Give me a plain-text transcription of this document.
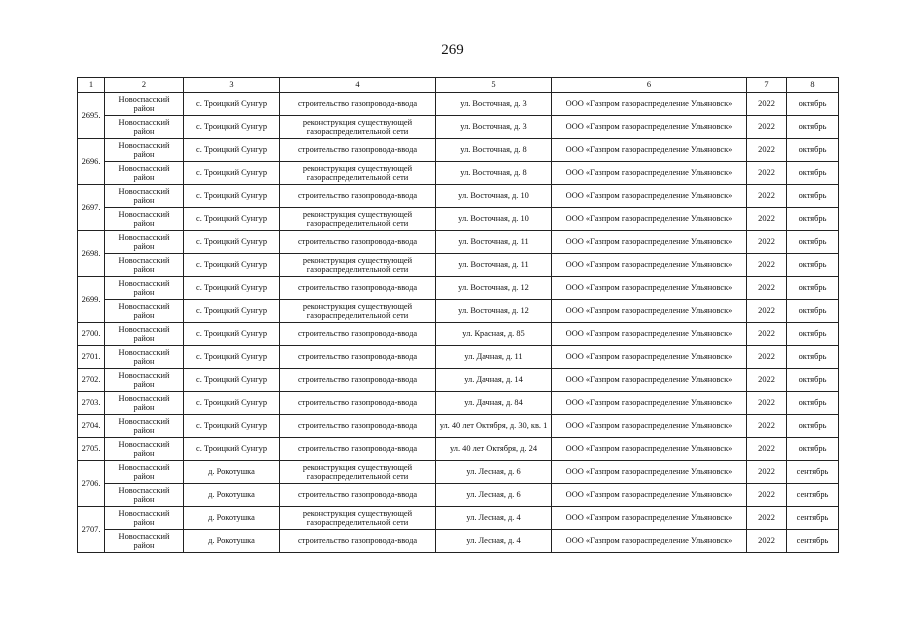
269
1	2	3	4	5	6	7	8
2695.	Новоспасский район	с. Троицкий Сунгур	строительство газопровода-ввода	ул. Восточная, д. 3	ООО «Газпром газораспределение Ульяновск»	2022	октябрь
	Новоспасский район	с. Троицкий Сунгур	реконструкция существующей газораспределительной сети	ул. Восточная, д. 3	ООО «Газпром газораспределение Ульяновск»	2022	октябрь
2696.	Новоспасский район	с. Троицкий Сунгур	строительство газопровода-ввода	ул. Восточная, д. 8	ООО «Газпром газораспределение Ульяновск»	2022	октябрь
	Новоспасский район	с. Троицкий Сунгур	реконструкция существующей газораспределительной сети	ул. Восточная, д. 8	ООО «Газпром газораспределение Ульяновск»	2022	октябрь
2697.	Новоспасский район	с. Троицкий Сунгур	строительство газопровода-ввода	ул. Восточная, д. 10	ООО «Газпром газораспределение Ульяновск»	2022	октябрь
	Новоспасский район	с. Троицкий Сунгур	реконструкция существующей газораспределительной сети	ул. Восточная, д. 10	ООО «Газпром газораспределение Ульяновск»	2022	октябрь
2698.	Новоспасский район	с. Троицкий Сунгур	строительство газопровода-ввода	ул. Восточная, д. 11	ООО «Газпром газораспределение Ульяновск»	2022	октябрь
	Новоспасский район	с. Троицкий Сунгур	реконструкция существующей газораспределительной сети	ул. Восточная, д. 11	ООО «Газпром газораспределение Ульяновск»	2022	октябрь
2699.	Новоспасский район	с. Троицкий Сунгур	строительство газопровода-ввода	ул. Восточная, д. 12	ООО «Газпром газораспределение Ульяновск»	2022	октябрь
	Новоспасский район	с. Троицкий Сунгур	реконструкция существующей газораспределительной сети	ул. Восточная, д. 12	ООО «Газпром газораспределение Ульяновск»	2022	октябрь
2700.	Новоспасский район	с. Троицкий Сунгур	строительство газопровода-ввода	ул. Красная, д. 85	ООО «Газпром газораспределение Ульяновск»	2022	октябрь
2701.	Новоспасский район	с. Троицкий Сунгур	строительство газопровода-ввода	ул. Дачная, д. 11	ООО «Газпром газораспределение Ульяновск»	2022	октябрь
2702.	Новоспасский район	с. Троицкий Сунгур	строительство газопровода-ввода	ул. Дачная, д. 14	ООО «Газпром газораспределение Ульяновск»	2022	октябрь
2703.	Новоспасский район	с. Троицкий Сунгур	строительство газопровода-ввода	ул. Дачная, д. 84	ООО «Газпром газораспределение Ульяновск»	2022	октябрь
2704.	Новоспасский район	с. Троицкий Сунгур	строительство газопровода-ввода	ул. 40 лет Октября, д. 30, кв. 1	ООО «Газпром газораспределение Ульяновск»	2022	октябрь
2705.	Новоспасский район	с. Троицкий Сунгур	строительство газопровода-ввода	ул. 40 лет Октября, д. 24	ООО «Газпром газораспределение Ульяновск»	2022	октябрь
2706.	Новоспасский район	д. Рокотушка	реконструкция существующей газораспределительной сети	ул. Лесная, д. 6	ООО «Газпром газораспределение Ульяновск»	2022	сентябрь
	Новоспасский район	д. Рокотушка	строительство газопровода-ввода	ул. Лесная, д. 6	ООО «Газпром газораспределение Ульяновск»	2022	сентябрь
2707.	Новоспасский район	д. Рокотушка	реконструкция существующей газораспределительной сети	ул. Лесная, д. 4	ООО «Газпром газораспределение Ульяновск»	2022	сентябрь
	Новоспасский район	д. Рокотушка	строительство газопровода-ввода	ул. Лесная, д. 4	ООО «Газпром газораспределение Ульяновск»	2022	сентябрь
